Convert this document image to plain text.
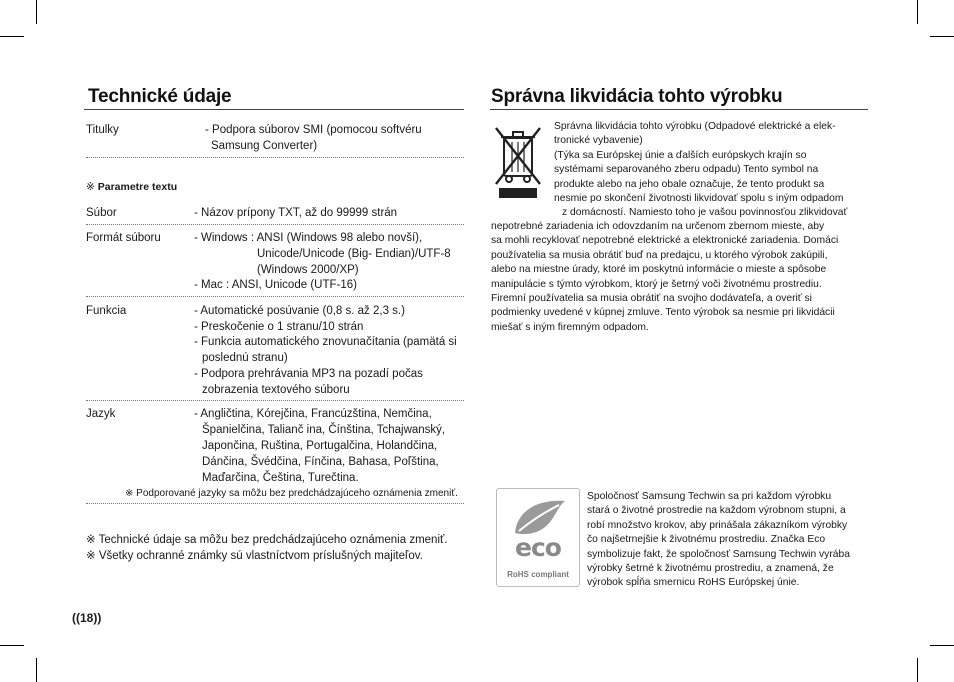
Technické údaje
Titulky	- Podpora súborov SMI (pomocou softvéru
Samsung Converter)
※ Parametre textu
Súbor	- Názov prípony TXT, až do 99999 strán
Formát súboru	- Windows : ANSI (Windows 98 alebo novší),
Unicode/Unicode (Big- Endian)/UTF-8
(Windows 2000/XP)
- Mac : ANSI, Unicode (UTF-16)
Funkcia	- Automatické posúvanie (0,8 s. až 2,3 s.)
- Preskočenie o 1 stranu/10 strán
- Funkcia automatického znovunačítania (pamätá si
poslednú stranu)
- Podpora prehrávania MP3 na pozadí počas
zobrazenia textového súboru
Jazyk	- Angličtina, Kórejčina, Francúzština, Nemčina,
Španielčina, Talianč ina, Čínština, Tchajwanský,
Japončina, Ruština, Portugalčina, Holandčina,
Dánčina, Švédčina, Fínčina, Bahasa, Poľština,
Maďarčina, Čeština, Turečtina.
※ Podporované jazyky sa môžu bez predchádzajúceho oznámenia zmeniť.
※ Technické údaje sa môžu bez predchádzajúceho oznámenia zmeniť.
※ Všetky ochranné známky sú vlastníctvom príslušných majiteľov.
((18))
Správna likvidácia tohto výrobku
Správna likvidácia tohto výrobku (Odpadové elektrické a elek-
tronické vybavenie)
(Týka sa Európskej únie a ďalších európskych krajín so
systémami separovaného zberu odpadu) Tento symbol na
produkte alebo na jeho obale označuje, že tento produkt sa
nesmie po skončení životnosti likvidovať spolu s iným odpadom
z domácností. Namiesto toho je vašou povinnosťou zlikvidovať
nepotrebné zariadenia ich odovzdaním na určenom zbernom mieste, aby
sa mohli recyklovať nepotrebné elektrické a elektronické zariadenia. Domáci
používatelia sa musia obrátiť buď na predajcu, u ktorého výrobok zakúpili,
alebo na miestne úrady, ktoré im poskytnú informácie o mieste a spôsobe
manipulácie s týmto výrobkom, ktorý je šetrný voči životnému prostrediu.
Firemní používatelia sa musia obrátiť na svojho dodávateľa, a overiť si
podmienky uvedené v kúpnej zmluve. Tento výrobok sa nesmie pri likvidácii
miešať s iným firemným odpadom.
eco
RoHS compliant
Spoločnosť Samsung Techwin sa pri každom výrobku
stará o životné prostredie na každom výrobnom stupni, a
robí množstvo krokov, aby prinášala zákazníkom výrobky
čo najšetrnejšie k životnému prostrediu. Značka Eco
symbolizuje fakt, že spoločnosť Samsung Techwin vyrába
výrobky šetrné k životnému prostrediu, a znamená, že
výrobok spĺňa smernicu RoHS Európskej únie.
